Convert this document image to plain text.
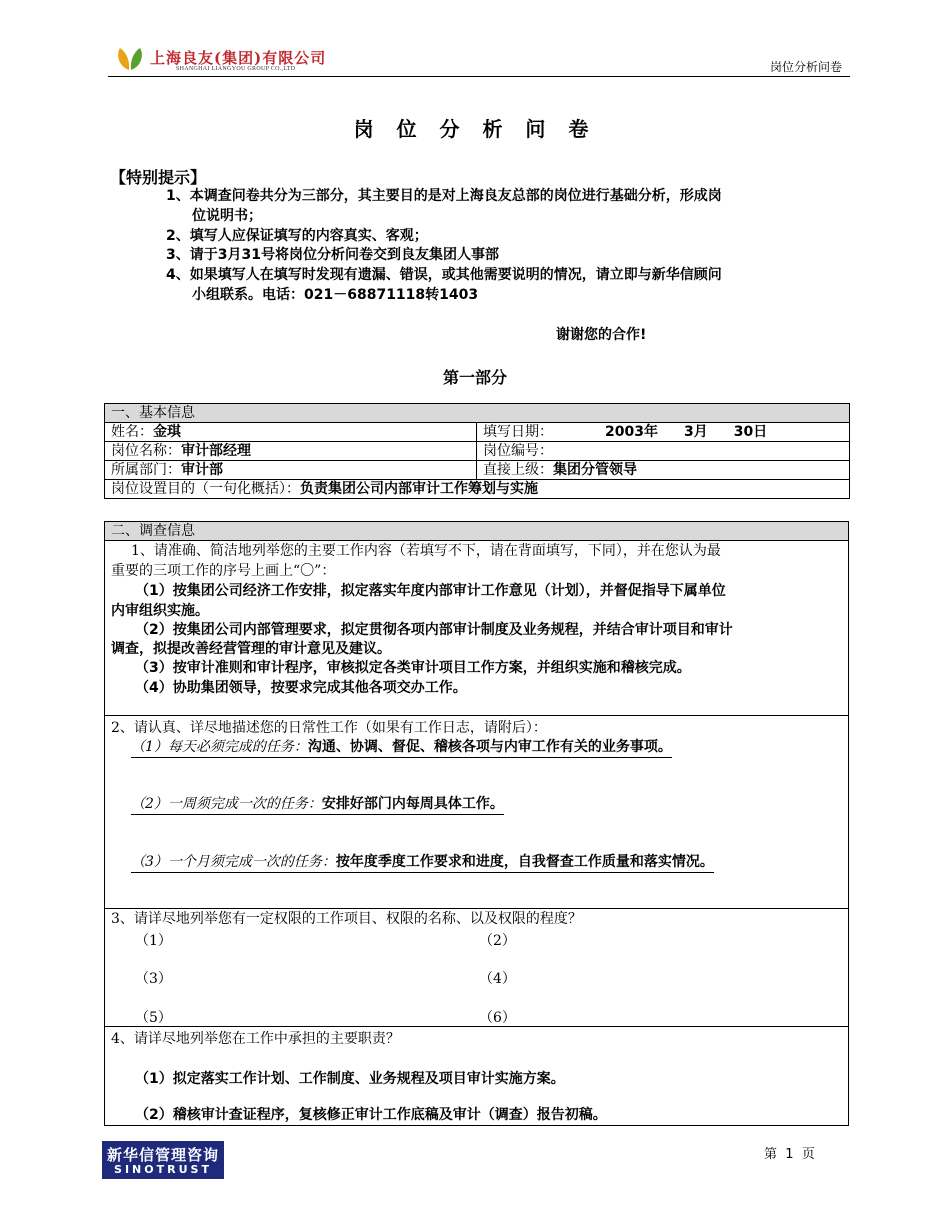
上海良友(集团)有限公司
SHANGHAI LIANGYOU GROUP CO.,LTD	岗位分析问卷
岗 位 分 析 问 卷
【特别提示】
1、本调查问卷共分为三部分，其主要目的是对上海良友总部的岗位进行基础分析，形成岗
位说明书；
2、填写人应保证填写的内容真实、客观；
3、请于3月31号将岗位分析问卷交到良友集团人事部
4、如果填写人在填写时发现有遗漏、错误，或其他需要说明的情况，请立即与新华信顾问
小组联系。电话：021－68871118转1403
谢谢您的合作!
第一部分
一、基本信息	
姓名：金琪	填写日期： 2003年 3月 30日
岗位名称：审计部经理	岗位编号：
所属部门：审计部	直接上级：集团分管领导
岗位设置目的（一句化概括）：负责集团公司内部审计工作筹划与实施	
二、调查信息
1、请准确、简洁地列举您的主要工作内容（若填写不下，请在背面填写，下同），并在您认为最
重要的三项工作的序号上画上“〇”：
（1）按集团公司经济工作安排，拟定落实年度内部审计工作意见（计划），并督促指导下属单位
内审组织实施。
（2）按集团公司内部管理要求，拟定贯彻各项内部审计制度及业务规程，并结合审计项目和审计
调查，拟提改善经营管理的审计意见及建议。
（3）按审计准则和审计程序，审核拟定各类审计项目工作方案，并组织实施和稽核完成。
（4）协助集团领导，按要求完成其他各项交办工作。
2、请认真、详尽地描述您的日常性工作（如果有工作日志，请附后）：
（1）每天必须完成的任务：沟通、协调、督促、稽核各项与内审工作有关的业务事项。
（2）一周须完成一次的任务：安排好部门内每周具体工作。
（3）一个月须完成一次的任务：按年度季度工作要求和进度，自我督查工作质量和落实情况。
3、请详尽地列举您有一定权限的工作项目、权限的名称、以及权限的程度？
（1）	（2）
（3）	（4）
（5）	（6）
4、请详尽地列举您在工作中承担的主要职责？
（1）拟定落实工作计划、工作制度、业务规程及项目审计实施方案。
（2）稽核审计查证程序，复核修正审计工作底稿及审计（调查）报告初稿。
新华信管理咨询
SINOTRUST
第 1 页
